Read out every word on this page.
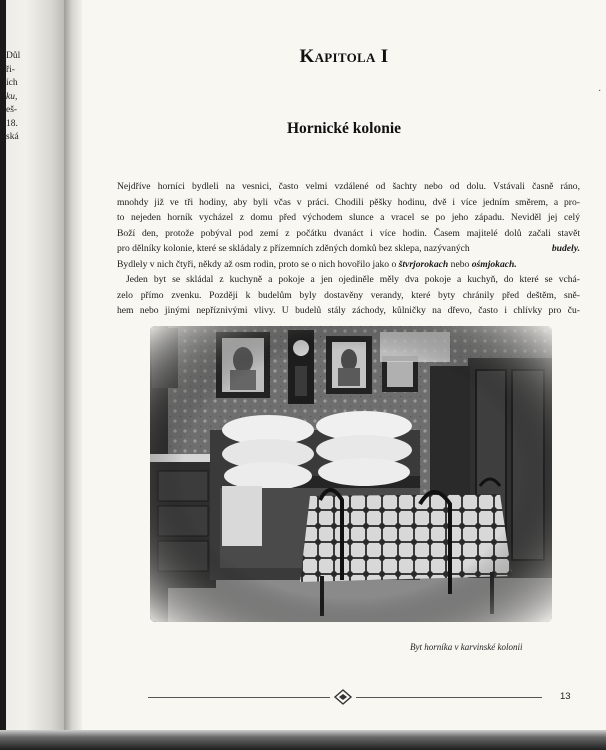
Důl
ři-
ích
ku,
eš-
18.
ská
·
Kapitola I
Hornické kolonie
Nejdříve horníci bydleli na vesnici, často velmi vzdálené od šachty nebo od dolu. Vstávali časně ráno,
mnohdy již ve tři hodiny, aby byli včas v práci. Chodili pěšky hodinu, dvě i více jedním směrem, a pro-
to nejeden horník vycházel z domu před východem slunce a vracel se po jeho západu. Neviděl jej celý
Boží den, protože pobýval pod zemí z počátku dvanáct i více hodin. Časem majitelé dolů začali stavět
pro dělníky kolonie, které se skládaly z přízemních zděných domků bez sklepa, nazývaných	budely.
Bydlely v nich čtyři, někdy až osm rodin, proto se o nich hovořilo jako o štvrjorokach nebo ośmjokach.
Jeden byt se skládal z kuchyně a pokoje a jen ojediněle měly dva pokoje a kuchyň, do které se vchá-
zelo přímo zvenku. Později k budelům byly dostavěny verandy, které byty chránily před deštěm, sně-
hem nebo jinými nepříznivými vlivy. U budelů stály záchody, kůlničky na dřevo, často i chlívky pro ču-
Byt horníka v karvinské kolonii
13
